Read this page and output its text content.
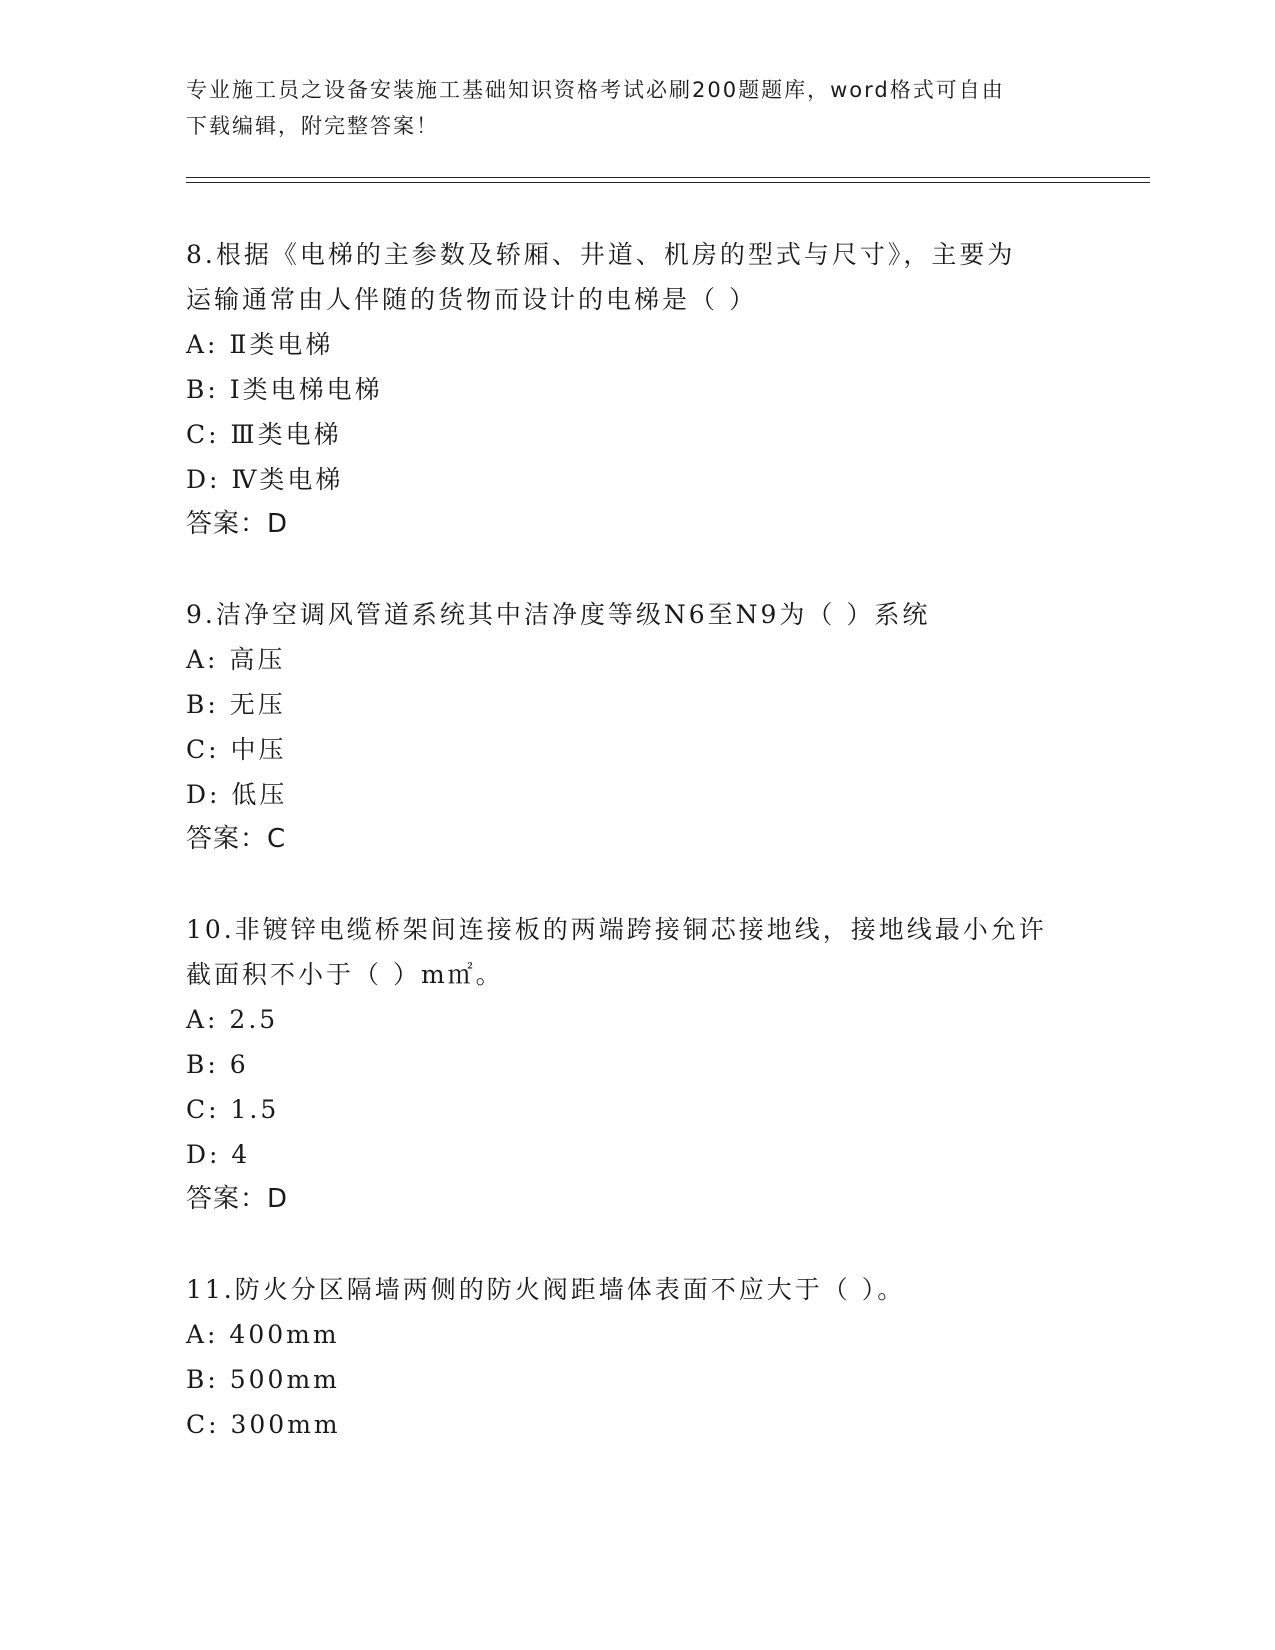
专业施工员之设备安装施工基础知识资格考试必刷200题题库，word格式可自由
下载编辑，附完整答案！

8.根据《电梯的主参数及轿厢、井道、机房的型式与尺寸》，主要为

运输通常由人伴随的货物而设计的电梯是（ ）

A: Ⅱ类电梯

B: Ⅰ类电梯电梯

C: Ⅲ类电梯

D: Ⅳ类电梯

答案：D

9.洁净空调风管道系统其中洁净度等级N6至N9为（ ）系统

A: 高压

B: 无压

C: 中压

D: 低压

答案：C

10.非镀锌电缆桥架间连接板的两端跨接铜芯接地线，接地线最小允许

截面积不小于（ ）m㎡。

A: 2.5

B: 6

C: 1.5

D: 4

答案：D

11.防火分区隔墙两侧的防火阀距墙体表面不应大于（ ）。

A: 400mm

B: 500mm

C: 300mm
